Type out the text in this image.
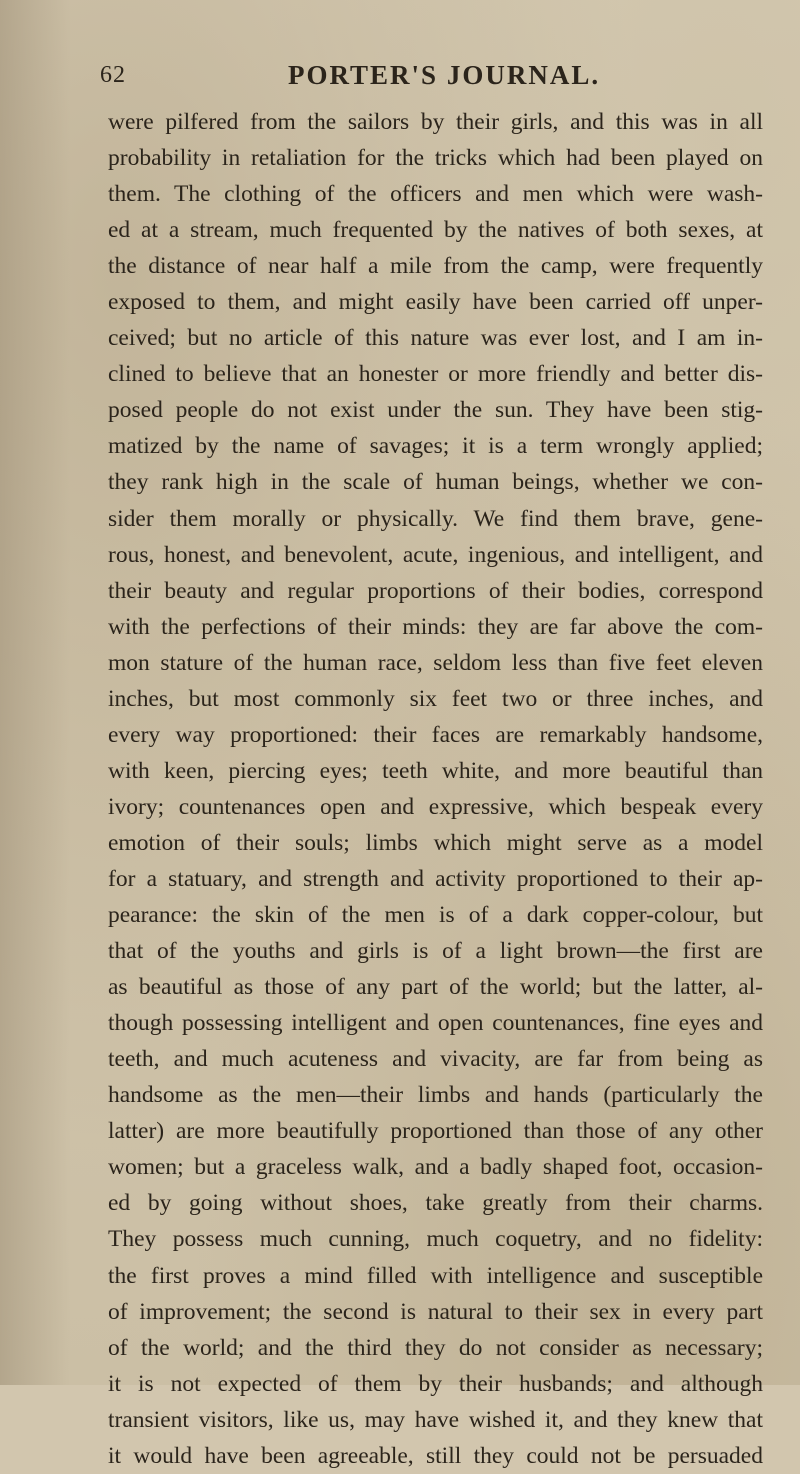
62	PORTER'S JOURNAL.
were pilfered from the sailors by their girls, and this was in all
probability in retaliation for the tricks which had been played on
them. The clothing of the officers and men which were wash-
ed at a stream, much frequented by the natives of both sexes, at
the distance of near half a mile from the camp, were frequently
exposed to them, and might easily have been carried off unper-
ceived; but no article of this nature was ever lost, and I am in-
clined to believe that an honester or more friendly and better dis-
posed people do not exist under the sun. They have been stig-
matized by the name of savages; it is a term wrongly applied;
they rank high in the scale of human beings, whether we con-
sider them morally or physically. We find them brave, gene-
rous, honest, and benevolent, acute, ingenious, and intelligent, and
their beauty and regular proportions of their bodies, correspond
with the perfections of their minds: they are far above the com-
mon stature of the human race, seldom less than five feet eleven
inches, but most commonly six feet two or three inches, and
every way proportioned: their faces are remarkably handsome,
with keen, piercing eyes; teeth white, and more beautiful than
ivory; countenances open and expressive, which bespeak every
emotion of their souls; limbs which might serve as a model
for a statuary, and strength and activity proportioned to their ap-
pearance: the skin of the men is of a dark copper-colour, but
that of the youths and girls is of a light brown—the first are
as beautiful as those of any part of the world; but the latter, al-
though possessing intelligent and open countenances, fine eyes and
teeth, and much acuteness and vivacity, are far from being as
handsome as the men—their limbs and hands (particularly the
latter) are more beautifully proportioned than those of any other
women; but a graceless walk, and a badly shaped foot, occasion-
ed by going without shoes, take greatly from their charms.
They possess much cunning, much coquetry, and no fidelity:
the first proves a mind filled with intelligence and susceptible
of improvement; the second is natural to their sex in every part
of the world; and the third they do not consider as necessary;
it is not expected of them by their husbands; and although
transient visitors, like us, may have wished it, and they knew that
it would have been agreeable, still they could not be persuaded
